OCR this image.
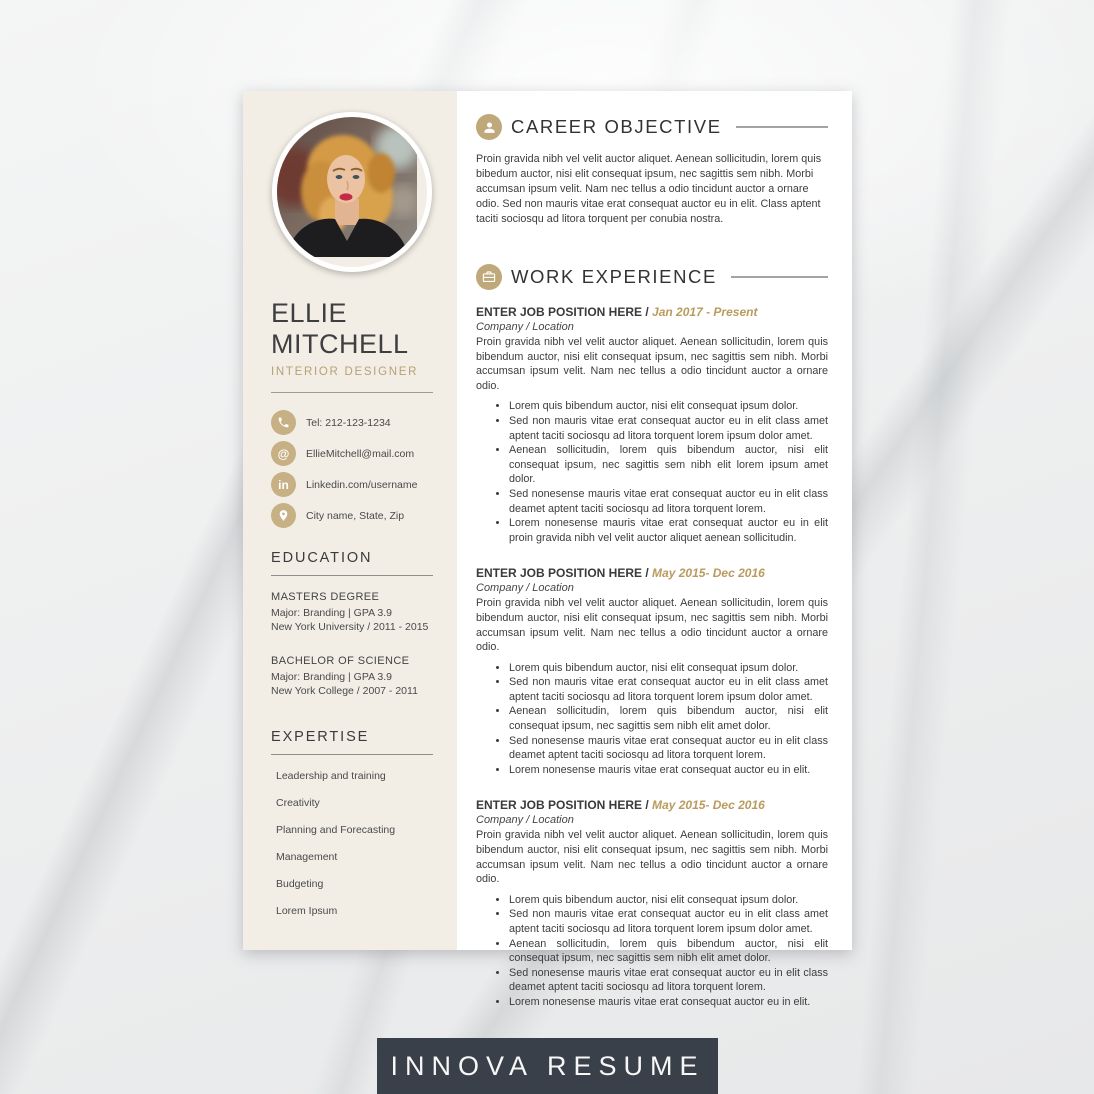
ELLIE
MITCHELL
INTERIOR DESIGNER
Tel: 212-123-1234
@ EllieMitchell@mail.com
in Linkedin.com/username
City name, State, Zip
EDUCATION
MASTERS DEGREE
Major: Branding | GPA 3.9
New York University / 2011 - 2015
BACHELOR OF SCIENCE
Major: Branding | GPA 3.9
New York College / 2007 - 2011
EXPERTISE
Leadership and training
Creativity
Planning and Forecasting
Management
Budgeting
Lorem Ipsum
CAREER OBJECTIVE
Proin gravida nibh vel velit auctor aliquet. Aenean sollicitudin, lorem quis bibedum auctor, nisi elit consequat ipsum, nec sagittis sem nibh. Morbi accumsan ipsum velit. Nam nec tellus a odio tincidunt auctor a ornare odio. Sed non mauris vitae erat consequat auctor eu in elit. Class aptent taciti sociosqu ad litora torquent per conubia nostra.
WORK EXPERIENCE
ENTER JOB POSITION HERE / Jan 2017 - Present
Company / Location
Proin gravida nibh vel velit auctor aliquet. Aenean sollicitudin, lorem quis bibendum auctor, nisi elit consequat ipsum, nec sagittis sem nibh. Morbi accumsan ipsum velit. Nam nec tellus a odio tincidunt auctor a ornare odio.
• Lorem quis bibendum auctor, nisi elit consequat ipsum dolor.
• Sed non mauris vitae erat consequat auctor eu in elit class amet aptent taciti sociosqu ad litora torquent lorem ipsum dolor amet.
• Aenean sollicitudin, lorem quis bibendum auctor, nisi elit consequat ipsum, nec sagittis sem nibh elit lorem ipsum amet dolor.
• Sed nonesense mauris vitae erat consequat auctor eu in elit class deamet aptent taciti sociosqu ad litora torquent lorem.
• Lorem nonesense mauris vitae erat consequat auctor eu in elit proin gravida nibh vel velit auctor aliquet aenean sollicitudin.
ENTER JOB POSITION HERE / May 2015- Dec 2016
Company / Location
Proin gravida nibh vel velit auctor aliquet. Aenean sollicitudin, lorem quis bibendum auctor, nisi elit consequat ipsum, nec sagittis sem nibh. Morbi accumsan ipsum velit. Nam nec tellus a odio tincidunt auctor a ornare odio.
• Lorem quis bibendum auctor, nisi elit consequat ipsum dolor.
• Sed non mauris vitae erat consequat auctor eu in elit class amet aptent taciti sociosqu ad litora torquent lorem ipsum dolor amet.
• Aenean sollicitudin, lorem quis bibendum auctor, nisi elit consequat ipsum, nec sagittis sem nibh elit amet dolor.
• Sed nonesense mauris vitae erat consequat auctor eu in elit class deamet aptent taciti sociosqu ad litora torquent lorem.
• Lorem nonesense mauris vitae erat consequat auctor eu in elit.
ENTER JOB POSITION HERE / May 2015- Dec 2016
Company / Location
Proin gravida nibh vel velit auctor aliquet. Aenean sollicitudin, lorem quis bibendum auctor, nisi elit consequat ipsum, nec sagittis sem nibh. Morbi accumsan ipsum velit. Nam nec tellus a odio tincidunt auctor a ornare odio.
• Lorem quis bibendum auctor, nisi elit consequat ipsum dolor.
• Sed non mauris vitae erat consequat auctor eu in elit class amet aptent taciti sociosqu ad litora torquent lorem ipsum dolor amet.
• Aenean sollicitudin, lorem quis bibendum auctor, nisi elit consequat ipsum, nec sagittis sem nibh elit amet dolor.
• Sed nonesense mauris vitae erat consequat auctor eu in elit class deamet aptent taciti sociosqu ad litora torquent lorem.
• Lorem nonesense mauris vitae erat consequat auctor eu in elit.
INNOVA RESUME
